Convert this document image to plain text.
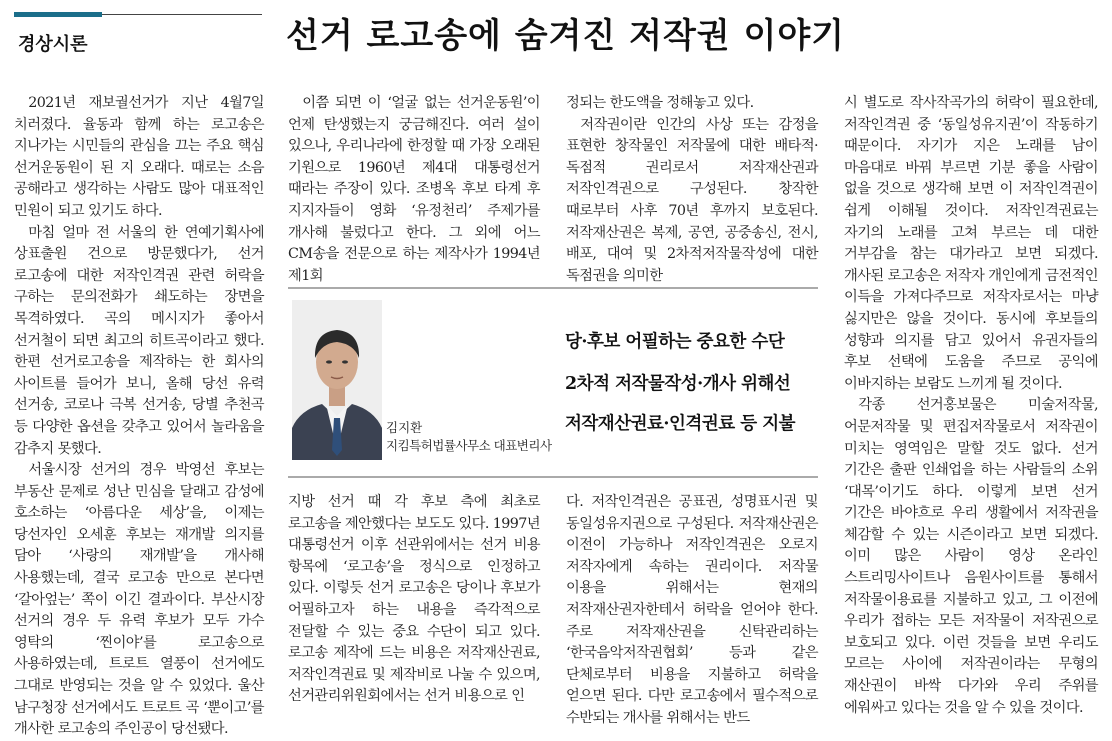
경상시론	선거 로고송에 숨겨진 저작권 이야기

2021년 재보궐선거가 지난 4월7일 치러졌다. 율동과 함께 하는 로고송은 지나가는 시민들의 관심을 끄는 주요 핵심 선거운동원이 된 지 오래다. 때로는 소음 공해라고 생각하는 사람도 많아 대표적인 민원이 되고 있기도 하다.

마침 얼마 전 서울의 한 연예기획사에 상표출원 건으로 방문했다가, 선거 로고송에 대한 저작인격권 관련 허락을 구하는 문의전화가 쇄도하는 장면을 목격하였다. 곡의 메시지가 좋아서 선거철이 되면 최고의 히트곡이라고 했다. 한편 선거로고송을 제작하는 한 회사의 사이트를 들어가 보니, 올해 당선 유력 선거송, 코로나 극복 선거송, 당별 추천곡 등 다양한 옵션을 갖추고 있어서 놀라움을 감추지 못했다.

서울시장 선거의 경우 박영선 후보는 부동산 문제로 성난 민심을 달래고 감성에 호소하는 ‘아름다운 세상’을, 이제는 당선자인 오세훈 후보는 재개발 의지를 담아 ‘사랑의 재개발’을 개사해 사용했는데, 결국 로고송 만으로 본다면 ‘갈아엎는’ 쪽이 이긴 결과이다. 부산시장 선거의 경우 두 유력 후보가 모두 가수 영탁의 ‘찐이야’를 로고송으로 사용하였는데, 트로트 열풍이 선거에도 그대로 반영되는 것을 알 수 있었다. 울산 남구청장 선거에서도 트로트 곡 ‘뿐이고’를 개사한 로고송의 주인공이 당선됐다.

이쯤 되면 이 ‘얼굴 없는 선거운동원’이 언제 탄생했는지 궁금해진다. 여러 설이 있으나, 우리나라에 한정할 때 가장 오래된 기원으로 1960년 제4대 대통령선거 때라는 주장이 있다. 조병옥 후보 타계 후 지지자들이 영화 ‘유정천리’ 주제가를 개사해 불렀다고 한다. 그 외에 어느 CM송을 전문으로 하는 제작사가 1994년 제1회

정되는 한도액을 정해놓고 있다.

저작권이란 인간의 사상 또는 감정을 표현한 창작물인 저작물에 대한 배타적·독점적 권리로서 저작재산권과 저작인격권으로 구성된다. 창작한 때로부터 사후 70년 후까지 보호된다. 저작재산권은 복제, 공연, 공중송신, 전시, 배포, 대여 및 2차적저작물작성에 대한 독점권을 의미한

김지환
지킴특허법률사무소 대표변리사
당·후보 어필하는 중요한 수단
2차적 저작물작성·개사 위해선
저작재산권료·인격권료 등 지불

지방 선거 때 각 후보 측에 최초로 로고송을 제안했다는 보도도 있다. 1997년 대통령선거 이후 선관위에서는 선거 비용 항목에 ‘로고송’을 정식으로 인정하고 있다. 이렇듯 선거 로고송은 당이나 후보가 어필하고자 하는 내용을 즉각적으로 전달할 수 있는 중요 수단이 되고 있다. 로고송 제작에 드는 비용은 저작재산권료, 저작인격권료 및 제작비로 나눌 수 있으며, 선거관리위원회에서는 선거 비용으로 인

다. 저작인격권은 공표권, 성명표시권 및 동일성유지권으로 구성된다. 저작재산권은 이전이 가능하나 저작인격권은 오로지 저작자에게 속하는 권리이다. 저작물 이용을 위해서는 현재의 저작재산권자한테서 허락을 얻어야 한다. 주로 저작재산권을 신탁관리하는 ‘한국음악저작권협회’ 등과 같은 단체로부터 비용을 지불하고 허락을 얻으면 된다. 다만 로고송에서 필수적으로 수반되는 개사를 위해서는 반드

시 별도로 작사작곡가의 허락이 필요한데, 저작인격권 중 ‘동일성유지권’이 작동하기 때문이다. 자기가 지은 노래를 남이 마음대로 바꿔 부르면 기분 좋을 사람이 없을 것으로 생각해 보면 이 저작인격권이 쉽게 이해될 것이다. 저작인격권료는 자기의 노래를 고쳐 부르는 데 대한 거부감을 참는 대가라고 보면 되겠다. 개사된 로고송은 저작자 개인에게 금전적인 이득을 가져다주므로 저작자로서는 마냥 싫지만은 않을 것이다. 동시에 후보들의 성향과 의지를 담고 있어서 유권자들의 후보 선택에 도움을 주므로 공익에 이바지하는 보람도 느끼게 될 것이다.

각종 선거홍보물은 미술저작물, 어문저작물 및 편집저작물로서 저작권이 미치는 영역임은 말할 것도 없다. 선거 기간은 출판 인쇄업을 하는 사람들의 소위 ‘대목’이기도 하다. 이렇게 보면 선거 기간은 바야흐로 우리 생활에서 저작권을 체감할 수 있는 시즌이라고 보면 되겠다. 이미 많은 사람이 영상 온라인 스트리밍사이트나 음원사이트를 통해서 저작물이용료를 지불하고 있고, 그 이전에 우리가 접하는 모든 저작물이 저작권으로 보호되고 있다. 이런 것들을 보면 우리도 모르는 사이에 저작권이라는 무형의 재산권이 바싹 다가와 우리 주위를 에워싸고 있다는 것을 알 수 있을 것이다.
